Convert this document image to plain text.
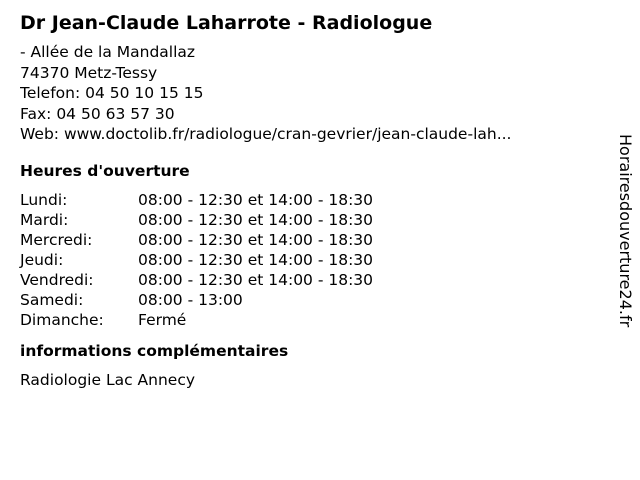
Dr Jean-Claude Laharrote - Radiologue
- Allée de la Mandallaz
74370 Metz-Tessy
Telefon: 04 50 10 15 15
Fax: 04 50 63 57 30
Web: www.doctolib.fr/radiologue/cran-gevrier/jean-claude-lah...
Heures d'ouverture
Lundi:	08:00 - 12:30 et 14:00 - 18:30
Mardi:	08:00 - 12:30 et 14:00 - 18:30
Mercredi:	08:00 - 12:30 et 14:00 - 18:30
Jeudi:	08:00 - 12:30 et 14:00 - 18:30
Vendredi:	08:00 - 12:30 et 14:00 - 18:30
Samedi:	08:00 - 13:00
Dimanche:	Fermé
informations complémentaires
Radiologie Lac Annecy
Horairesdouverture24.fr
